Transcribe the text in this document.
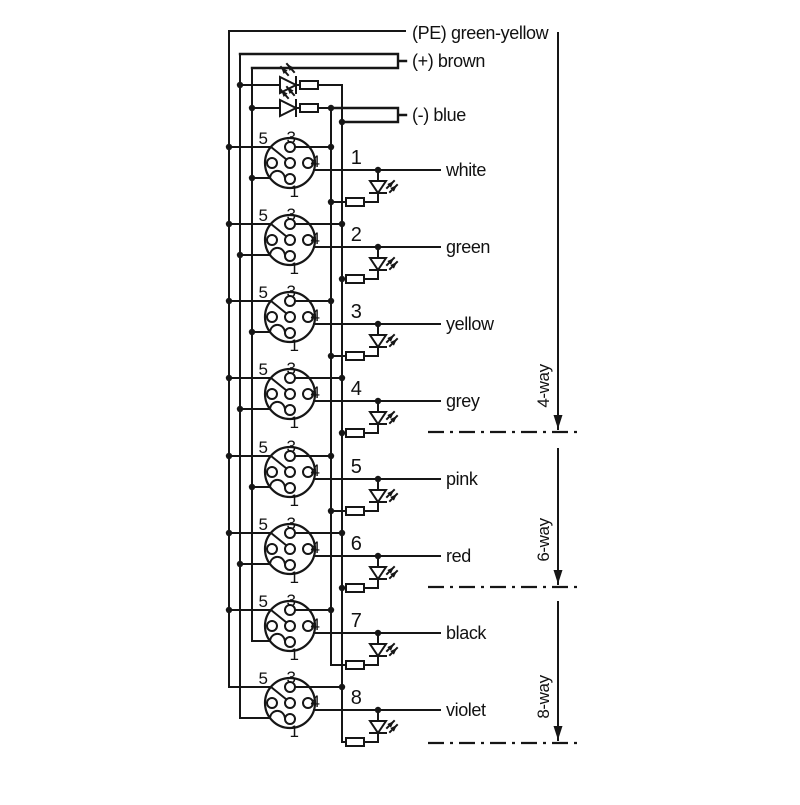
(PE) green-yellow
(+) brown
(-) blue
4-way
6-way
8-way
1
white
3
5
4
1
2
green
3
5
4
1
3
yellow
3
5
4
1
4
grey
3
5
4
1
5
pink
3
5
4
1
6
red
3
5
4
1
7
black
3
5
4
1
8
violet
3
5
4
1
